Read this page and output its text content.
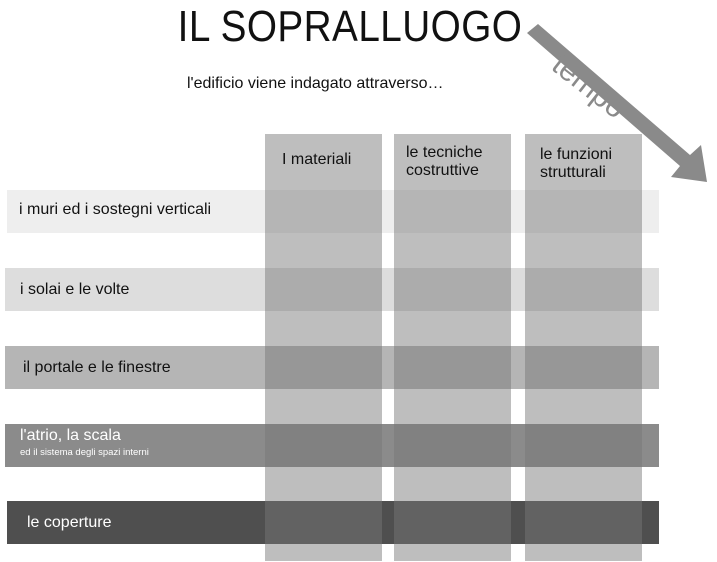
IL SOPRALLUOGO
l'edificio viene indagato attraverso…	tempo
i muri ed i sostegni verticali
i solai e le volte
il portale e le finestre
l'atrio, la scala
ed il sistema degli spazi interni
le coperture
I materiali	le tecniche
costruttive
le funzioni
strutturali
